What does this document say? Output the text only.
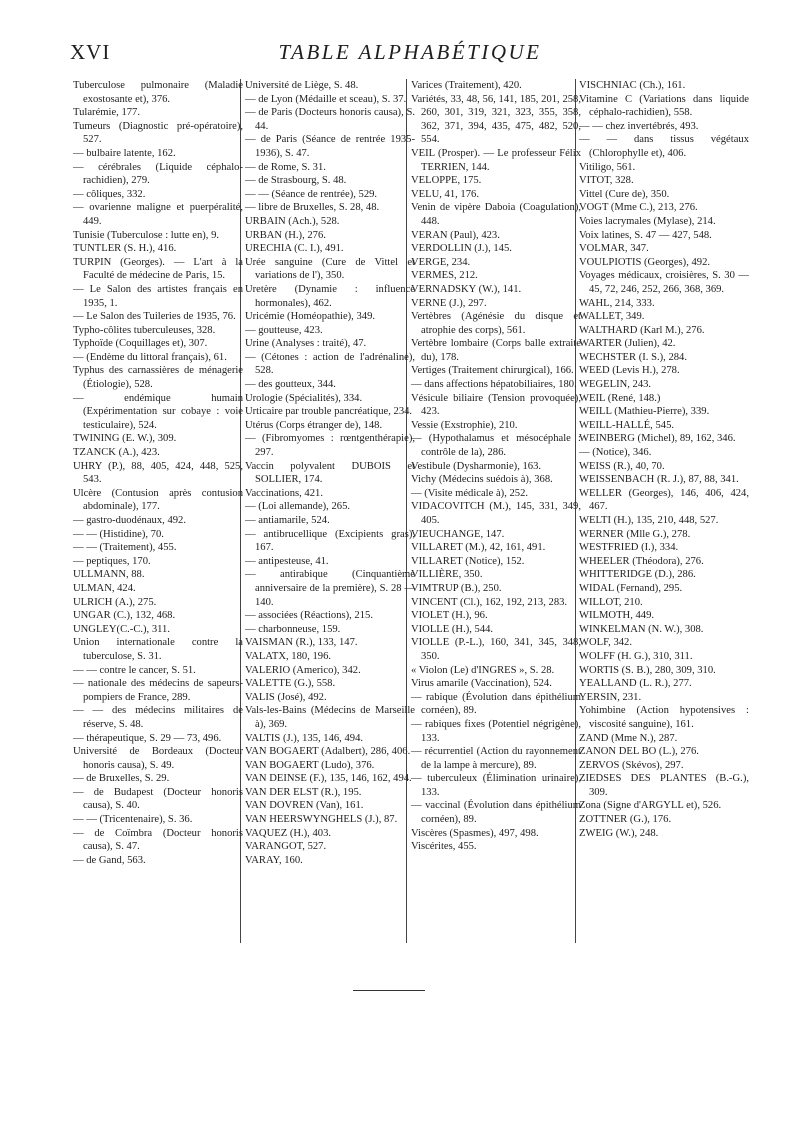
XVI	TABLE ALPHABÉTIQUE
Tuberculose pulmonaire (Maladie exostosante et), 376.
Tularémie, 177.
Tumeurs (Diagnostic pré-opératoire), 527.
— bulbaire latente, 162.
— cérébrales (Liquide céphalo-rachidien), 279.
— côliques, 332.
— ovarienne maligne et puerpéralité, 449.
Tunisie (Tuberculose : lutte en), 9.
TUNTLER (S. H.), 416.
TURPIN (Georges). — L'art à la Faculté de médecine de Paris, 15.
— Le Salon des artistes français en 1935, 1.
— Le Salon des Tuileries de 1935, 76.
Typho-côlites tuberculeuses, 328.
Typhoïde (Coquillages et), 307.
— (Endème du littoral français), 61.
Typhus des carnassières de ménagerie (Étiologie), 528.
— endémique humain (Expérimentation sur cobaye : voie testiculaire), 524.
TWINING (E. W.), 309.
TZANCK (A.), 423.
UHRY (P.), 88, 405, 424, 448, 525, 543.
Ulcère (Contusion après contusion abdominale), 177.
— gastro-duodénaux, 492.
— — (Histidine), 70.
— — (Traitement), 455.
— peptiques, 170.
ULLMANN, 88.
ULMAN, 424.
ULRICH (A.), 275.
UNGAR (C.), 132, 468.
UNGLEY(C.-C.), 311.
Union internationale contre la tuberculose, S. 31.
— — contre le cancer, S. 51.
— nationale des médecins de sapeurs-pompiers de France, 289.
— — des médecins militaires de réserve, S. 48.
— thérapeutique, S. 29 — 73, 496.
Université de Bordeaux (Docteur honoris causa), S. 49.
— de Bruxelles, S. 29.
— de Budapest (Docteur honoris causa), S. 40.
— — (Tricentenaire), S. 36.
— de Coïmbra (Docteur honoris causa), S. 47.
— de Gand, 563.
Université de Liège, S. 48.
— de Lyon (Médaille et sceau), S. 37.
— de Paris (Docteurs honoris causa), S. 44.
— de Paris (Séance de rentrée 1935-1936), S. 47.
— de Rome, S. 31.
— de Strasbourg, S. 48.
— — (Séance de rentrée), 529.
— libre de Bruxelles, S. 28, 48.
URBAIN (Ach.), 528.
URBAN (H.), 276.
URECHIA (C. I.), 491.
Urée sanguine (Cure de Vittel et variations de l'), 350.
Uretère (Dynamie : influence hormonales), 462.
Uricémie (Homéopathie), 349.
— goutteuse, 423.
Urine (Analyses : traité), 47.
— (Cétones : action de l'adrénaline), 528.
— des goutteux, 344.
Urologie (Spécialités), 334.
Urticaire par trouble pancréatique, 234.
Utérus (Corps étranger de), 148.
— (Fibromyomes : rœntgenthérapie), 297.
Vaccin polyvalent DUBOIS et SOLLIER, 174.
Vaccinations, 421.
— (Loi allemande), 265.
— antiamarile, 524.
— antibrucellique (Excipients gras), 167.
— antipesteuse, 41.
— antirabique (Cinquantième anniversaire de la première), S. 28 — 140.
— associées (Réactions), 215.
— charbonneuse, 159.
VAISMAN (R.), 133, 147.
VALATX, 180, 196.
VALERIO (Americo), 342.
VALETTE (G.), 558.
VALIS (José), 492.
Vals-les-Bains (Médecins de Marseille à), 369.
VALTIS (J.), 135, 146, 494.
VAN BOGAERT (Adalbert), 286, 406.
VAN BOGAERT (Ludo), 376.
VAN DEINSE (F.), 135, 146, 162, 494.
VAN DER ELST (R.), 195.
VAN DOVREN (Van), 161.
VAN HEERSWYNGHELS (J.), 87.
VAQUEZ (H.), 403.
VARANGOT, 527.
VARAY, 160.
Varices (Traitement), 420.
Variétés, 33, 48, 56, 141, 185, 201, 258, 260, 301, 319, 321, 323, 355, 358, 362, 371, 394, 435, 475, 482, 520, 554.
VEIL (Prosper). — Le professeur Félix TERRIEN, 144.
VELOPPE, 175.
VELU, 41, 176.
Venin de vipère Daboia (Coagulation), 448.
VERAN (Paul), 423.
VERDOLLIN (J.), 145.
VERGE, 234.
VERMES, 212.
VERNADSKY (W.), 141.
VERNE (J.), 297.
Vertèbres (Agénésie du disque et atrophie des corps), 561.
Vertèbre lombaire (Corps balle extraite du), 178.
Vertiges (Traitement chirurgical), 166.
— dans affections hépatobiliaires, 180.
Vésicule biliaire (Tension provoquée), 423.
Vessie (Exstrophie), 210.
— (Hypothalamus et mésocéphale : contrôle de la), 286.
Vestibule (Dysharmonie), 163.
Vichy (Médecins suédois à), 368.
— (Visite médicale à), 252.
VIDACOVITCH (M.), 145, 331, 349, 405.
VIEUCHANGE, 147.
VILLARET (M.), 42, 161, 491.
VILLARET (Notice), 152.
VILLIÈRE, 350.
VIMTRUP (B.), 250.
VINCENT (Cl.), 162, 192, 213, 283.
VIOLET (H.), 96.
VIOLLE (H.), 544.
VIOLLE (P.-L.), 160, 341, 345, 348, 350.
« Violon (Le) d'INGRES », S. 28.
Virus amarile (Vaccination), 524.
— rabique (Évolution dans épithélium cornéen), 89.
— rabiques fixes (Potentiel négrigène), 133.
— récurrentiel (Action du rayonnement de la lampe à mercure), 89.
— tuberculeux (Élimination urinaire), 133.
— vaccinal (Évolution dans épithélium cornéen), 89.
Viscères (Spasmes), 497, 498.
Viscérites, 455.
VISCHNIAC (Ch.), 161.
Vitamine C (Variations dans liquide céphalo-rachidien), 558.
— — chez invertébrés, 493.
— — dans tissus végétaux (Chlorophylle et), 406.
Vitiligo, 561.
VITOT, 328.
Vittel (Cure de), 350.
VOGT (Mme C.), 213, 276.
Voies lacrymales (Mylase), 214.
Voix latines, S. 47 — 427, 548.
VOLMAR, 347.
VOULPIOTIS (Georges), 492.
Voyages médicaux, croisières, S. 30 — 45, 72, 246, 252, 266, 368, 369.
WAHL, 214, 333.
WALLET, 349.
WALTHARD (Karl M.), 276.
WARTER (Julien), 42.
WECHSTER (I. S.), 284.
WEED (Levis H.), 278.
WEGELIN, 243.
WEIL (René, 148.)
WEILL (Mathieu-Pierre), 339.
WEILL-HALLÉ, 545.
WEINBERG (Michel), 89, 162, 346.
— (Notice), 346.
WEISS (R.), 40, 70.
WEISSENBACH (R. J.), 87, 88, 341.
WELLER (Georges), 146, 406, 424, 467.
WELTI (H.), 135, 210, 448, 527.
WERNER (Mlle G.), 278.
WESTFRIED (I.), 334.
WHEELER (Théodora), 276.
WHITTERIDGE (D.), 286.
WIDAL (Fernand), 295.
WILLOT, 210.
WILMOTH, 449.
WINKELMAN (N. W.), 308.
WOLF, 342.
WOLFF (H. G.), 310, 311.
WORTIS (S. B.), 280, 309, 310.
YEALLAND (L. R.), 277.
YERSIN, 231.
Yohimbine (Action hypotensives : viscosité sanguine), 161.
ZAND (Mme N.), 287.
ZANON DEL BO (L.), 276.
ZERVOS (Skévos), 297.
ZIEDSES DES PLANTES (B.-G.), 309.
Zona (Signe d'ARGYLL et), 526.
ZOTTNER (G.), 176.
ZWEIG (W.), 248.
